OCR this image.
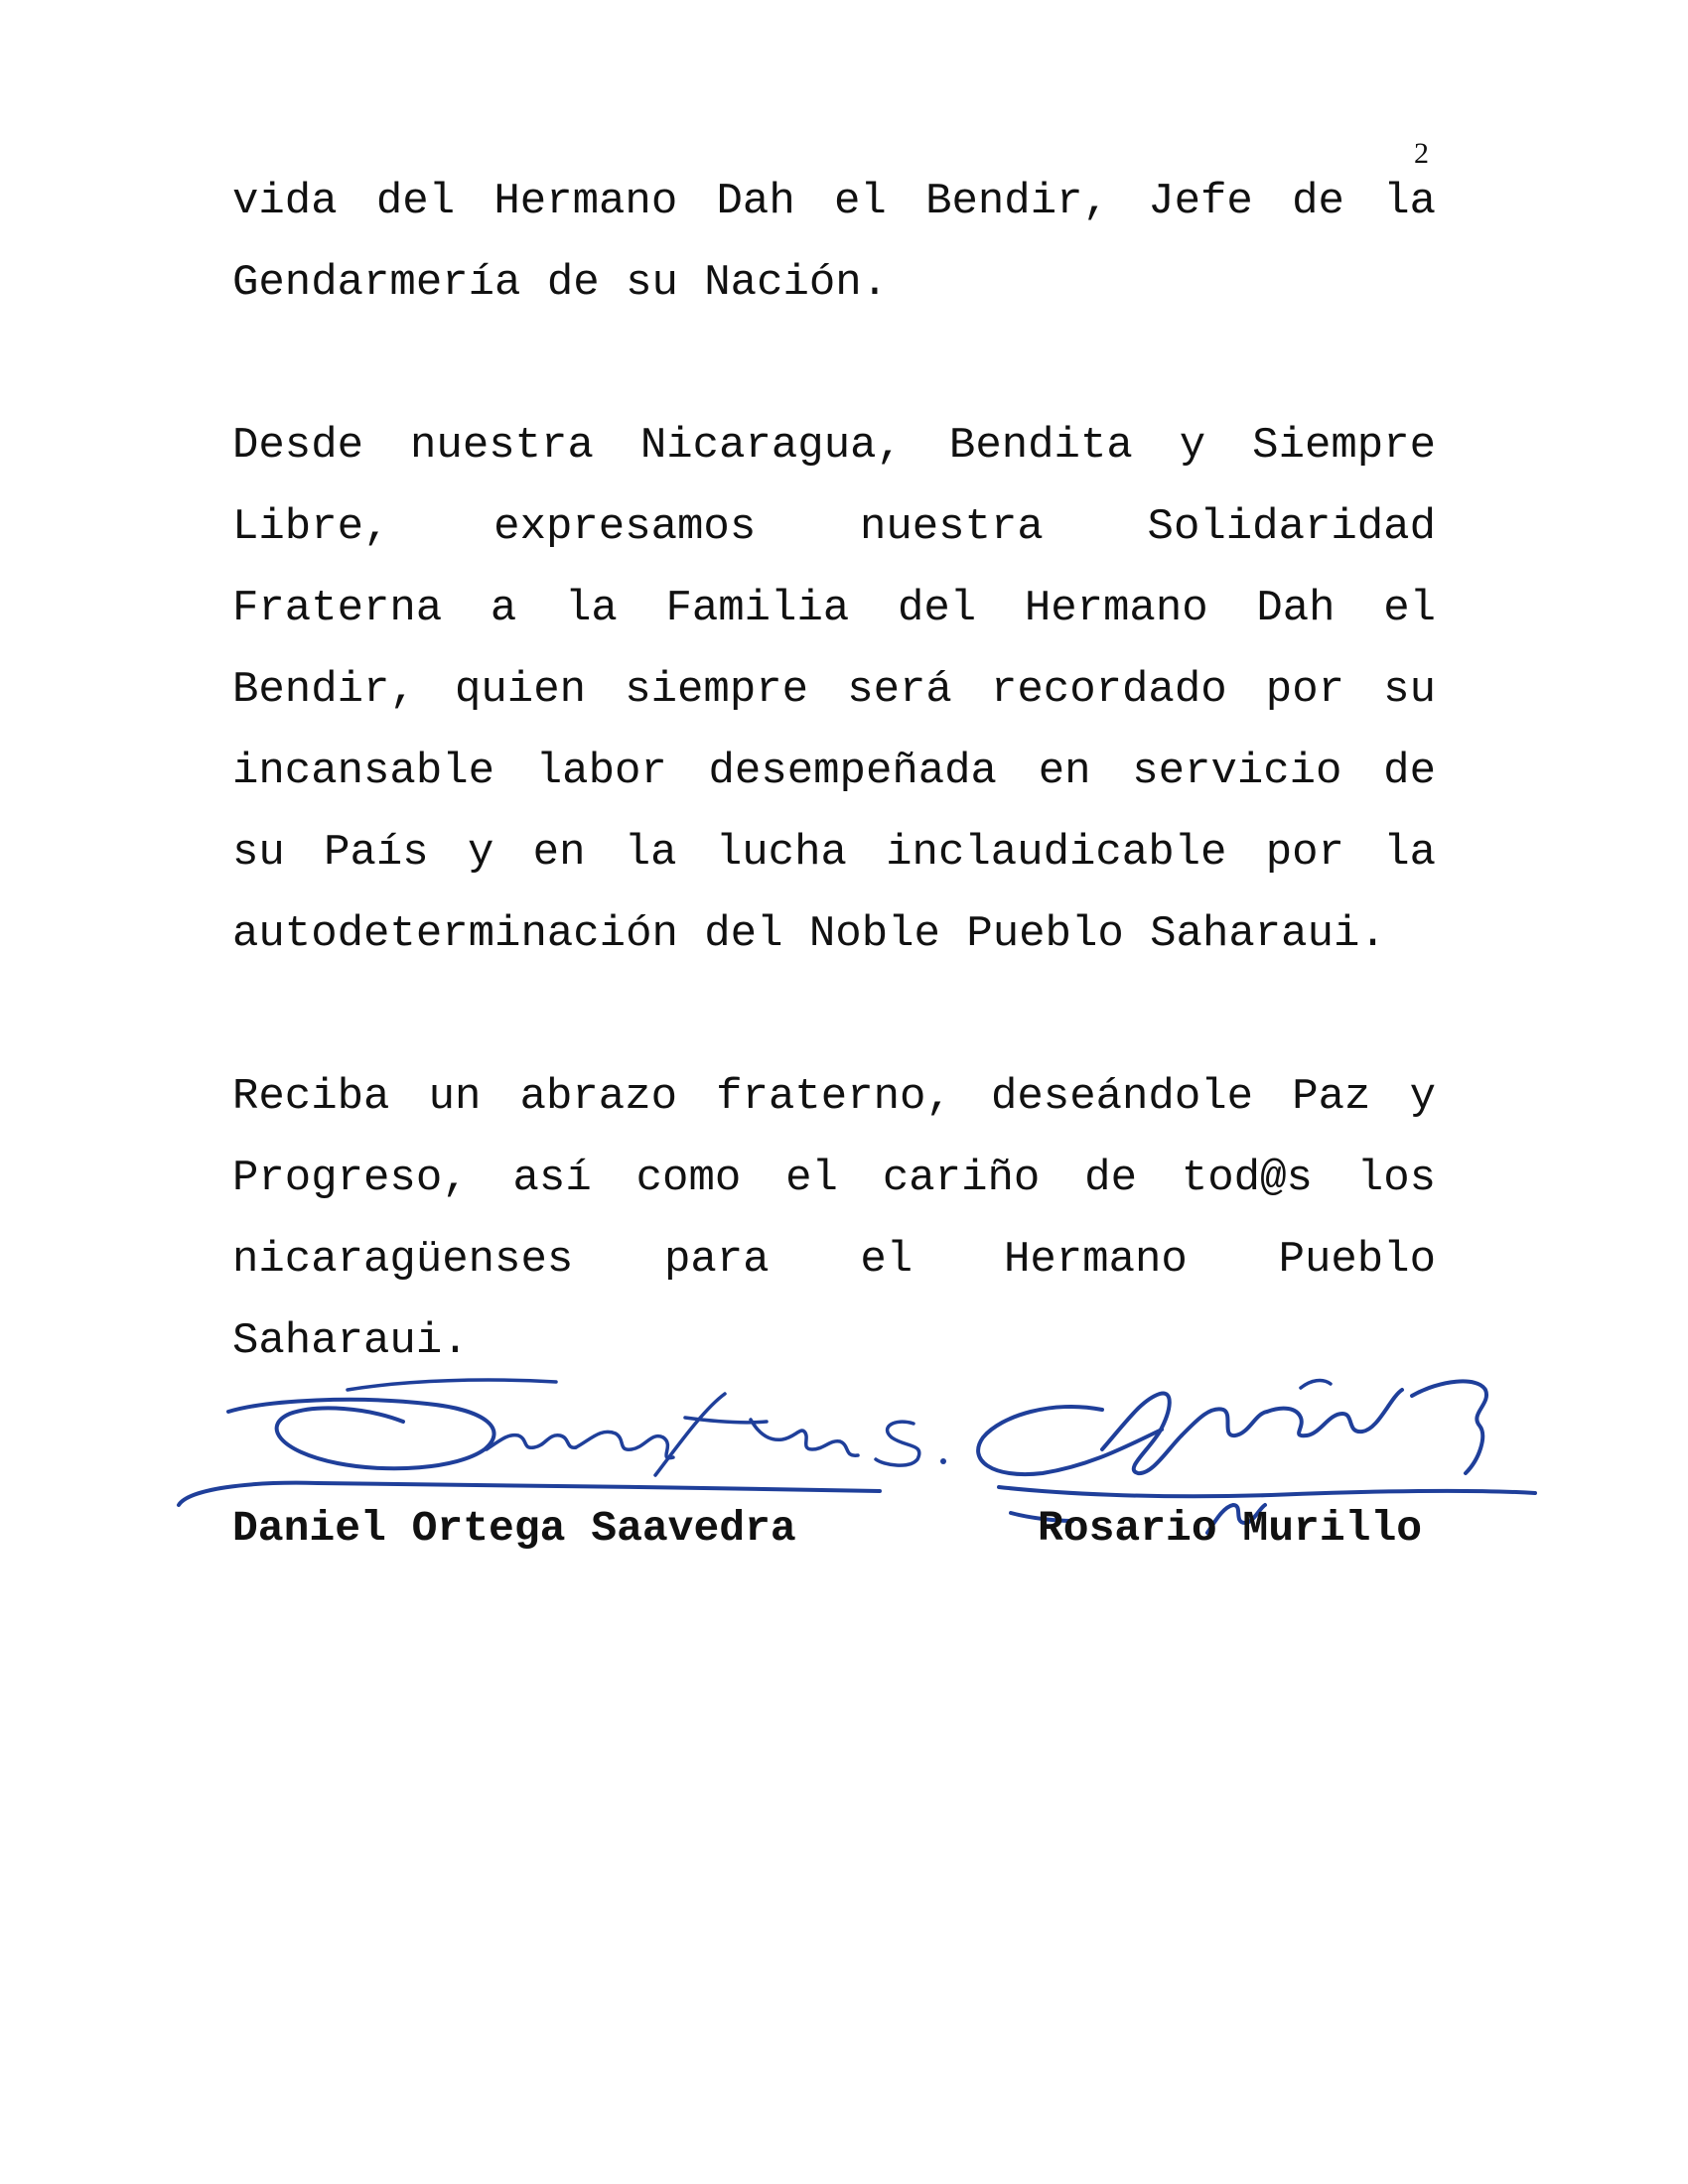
2

vida del Hermano Dah el Bendir, Jefe de la Gendarmería de su Nación.

Desde nuestra Nicaragua, Bendita y Siempre Libre, expresamos nuestra Solidaridad Fraterna a la Familia del Hermano Dah el Bendir, quien siempre será recordado por su incansable labor desempeñada en servicio de su País y en la lucha inclaudicable por la autodeterminación del Noble Pueblo Saharaui.

Reciba un abrazo fraterno, deseándole Paz y Progreso, así como el cariño de tod@s los nicaragüenses para el Hermano Pueblo Saharaui.

Daniel Ortega Saavedra	Rosario Murillo
